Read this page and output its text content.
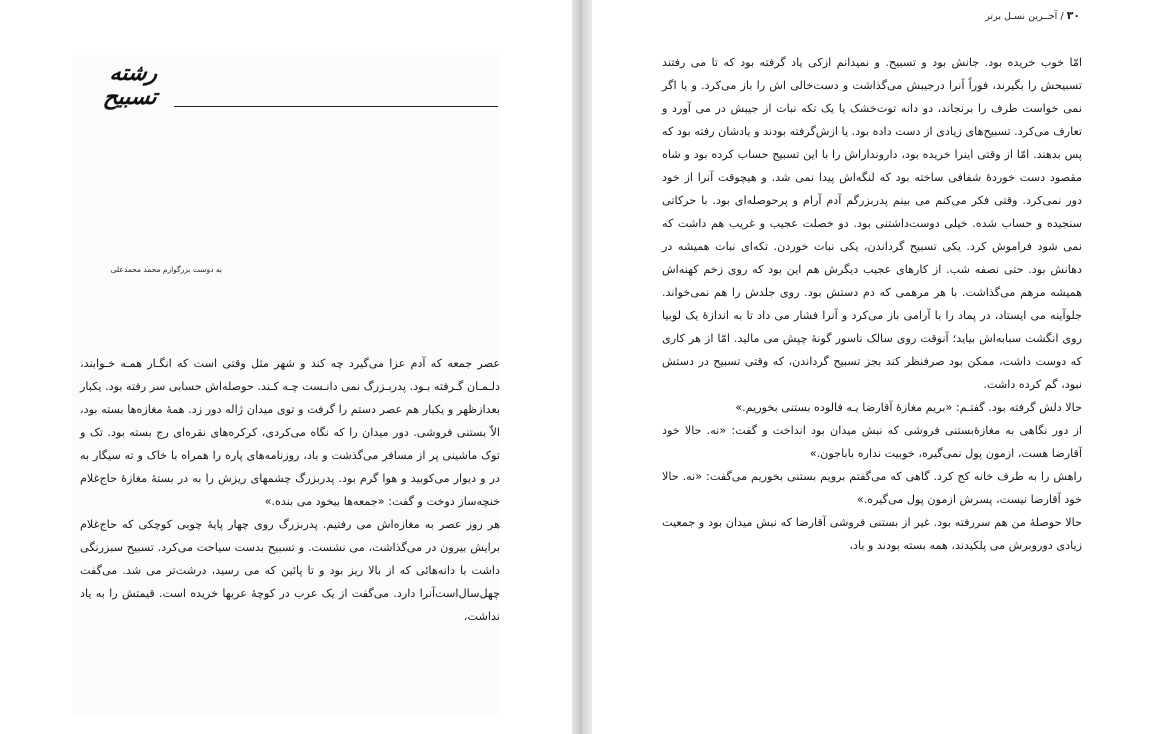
رشته تسبیح
به دوست بزرگوارم محمد محمدعلی

عصر جمعه که آدم عزا می‌گیرد چه کند و شهر مثل وقتی است که انگـار همـه خـوابند، دلـمـان گـرفته بـود. پدربـزرگ نمی‌ دانـست چـه کـند. حوصله‌اش حسابی سر رفته بود. یکبار بعدازظهر و یکبار هم عصر دستم را گرفت و توی میدان ژاله دور زد. همهٔ مغازه‌ها بسته بود، الاّ بستنی فروشی. دور میدان را که نگاه می‌کردی، کرکره‌های نقره‌ای رج بسته بود. تک و توک ماشینی پر از مسافر می‌گذشت و باد، روزنامه‌های پاره را همراه با خاک و ته سیگار به در و دیوار می‌کوبید و هوا گرم بود. پدربزرگ چشمهای ریزش را به در بستهٔ مغازهٔ حاج‌غلام خنچه‌ساز دوخت و گفت: «جمعه‌ها بیخود می‌ بنده.»

هر روز عصر به مغازه‌اش می رفتیم. پدربزرگ روی چهار پایهٔ چوبی کوچکی که حاج‌غلام برایش بیرون در می‌گذاشت، می نشست. و تسبیح بدست سیاحت می‌کرد. تسبیح سبزرنگی داشت با دانه‌هائی که از بالا ریز بود و تا پائین که می رسید، درشت‌تر می شد. می‌گفت چهل‌سال‌است‌آنرا دارد. می‌گفت از یک عرب در کوچهٔ عربها خریده است. قیمتش را به یاد نداشت،

۳۰ / آخــرین نسـل برتر

امّا خوب خریده بود. جانش بود و تسبیح. و نمیدانم ازکی یاد گرفته بود که تا می رفتند تسبیحش را بگیرند، فوراً آنرا درجیبش می‌گذاشت و دست‌خالی اش را باز می‌کرد. و یا اگر نمی خواست طرف را برنجاند، دو دانه توت‌خشک یا یک تکه نبات از جیبش در می آورد و تعارف می‌کرد. تسبیح‌های زیادی از دست داده بود. یا ازش‌گرفته بودند و یادشان رفته بود که پس بدهند. امّا از وقتی اینرا خریده بود، دارونداراش را با این تسبیح حساب کرده بود و شاه مقصود دست خوردهٔ شفافی ساخته بود که لنگه‌اش پیدا نمی شد. و هیچوقت آنرا از خود دور نمی‌کرد. وقتی فکر می‌کنم می بینم پدربزرگم آدم آرام و پرحوصله‌ای بود. با حرکاتی سنجیده و حساب شده. خیلی دوست‌داشتنی بود. دو خصلت عجیب و غریب هم داشت که نمی شود فراموش کرد. یکی تسبیح گرداندن، یکی نبات خوردن. تکه‌ای نبات همیشه در دهانش بود. حتی نصفه شب. از کارهای عجیب دیگرش هم این بود که روی زخم کهنه‌اش همیشه مرهم می‌گذاشت. با هر مرهمی که دم دستش بود. روی جلدش را هم نمی‌خواند. جلوآینه می ایستاد، در پماد را با آرامی باز می‌کرد و آنرا فشار می داد تا به اندازهٔ یک لوبیا روی انگشت سبابه‌اش بیاید؛ آنوقت روی سالک ناسور گونهٔ چپش می مالید. امّا از هر کاری که دوست داشت، ممکن بود صرفنظر کند بجز تسبیح گرداندن، که وقتی تسبیح در دستش نبود، گم کرده داشت.

حالا دلش گرفته بود. گفتـم: «بریم مغازهٔ آقارضا یـه فالوده بستنی بخوریم.»

از دور نگاهی به مغازهٔ‌بستنی فروشی که نبش میدان بود انداخت و گفت: «نه. حالا خود آقارضا هست، ازمون پول نمی‌گیره، خوبیت نداره باباجون.»

راهش را به طرف خانه کج کرد. گاهی که می‌گفتم برویم بستنی بخوریم می‌گفت: «نه. حالا خود آقارضا نیست، پسرش ازمون پول می‌گیره.»

حالا حوصلهٔ من هم سررفته بود. غیر از بستنی فروشی آقارضا که نبش میدان بود و جمعیت زیادی دوروبرش می پلکیدند، همه بسته بودند و باد،
